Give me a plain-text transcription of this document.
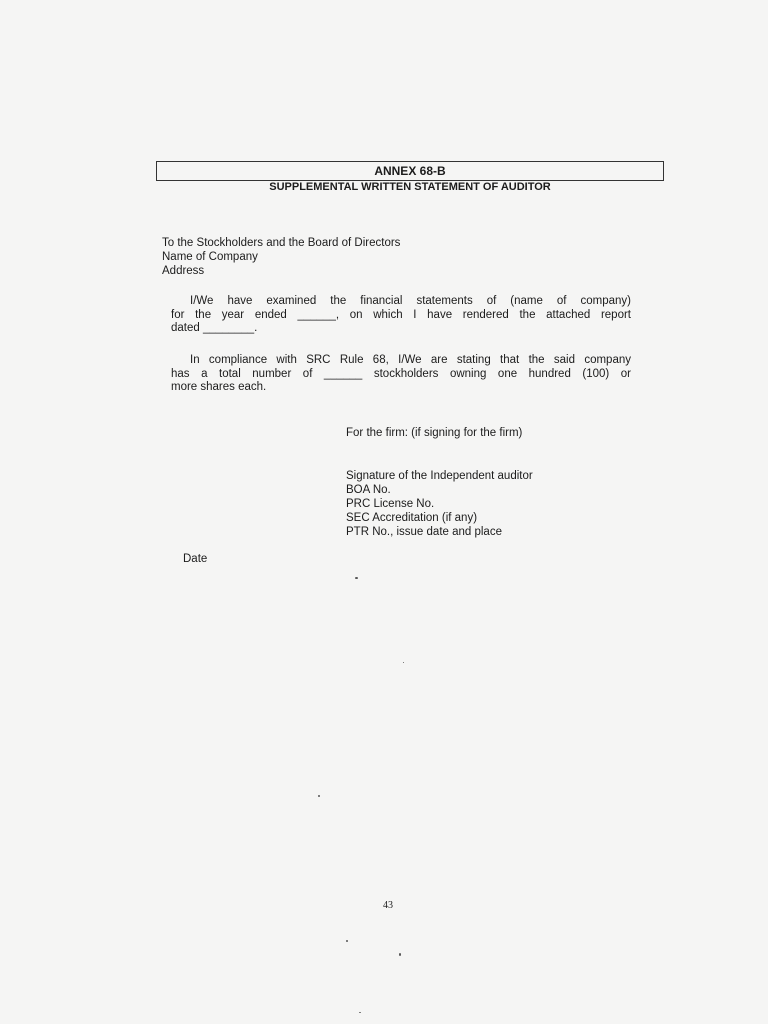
ANNEX 68-B
SUPPLEMENTAL WRITTEN STATEMENT OF AUDITOR
To the Stockholders and the Board of Directors
Name of Company
Address
I/We have examined the financial statements of (name of company)
for the year ended ______, on which I have rendered the attached report
dated ________.
In compliance with SRC Rule 68, I/We are stating that the said company
has a total number of ______ stockholders owning one hundred (100) or
more shares each.
For the firm: (if signing for the firm)
Signature of the Independent auditor
BOA No.
PRC License No.
SEC Accreditation (if any)
PTR No., issue date and place
Date
43
